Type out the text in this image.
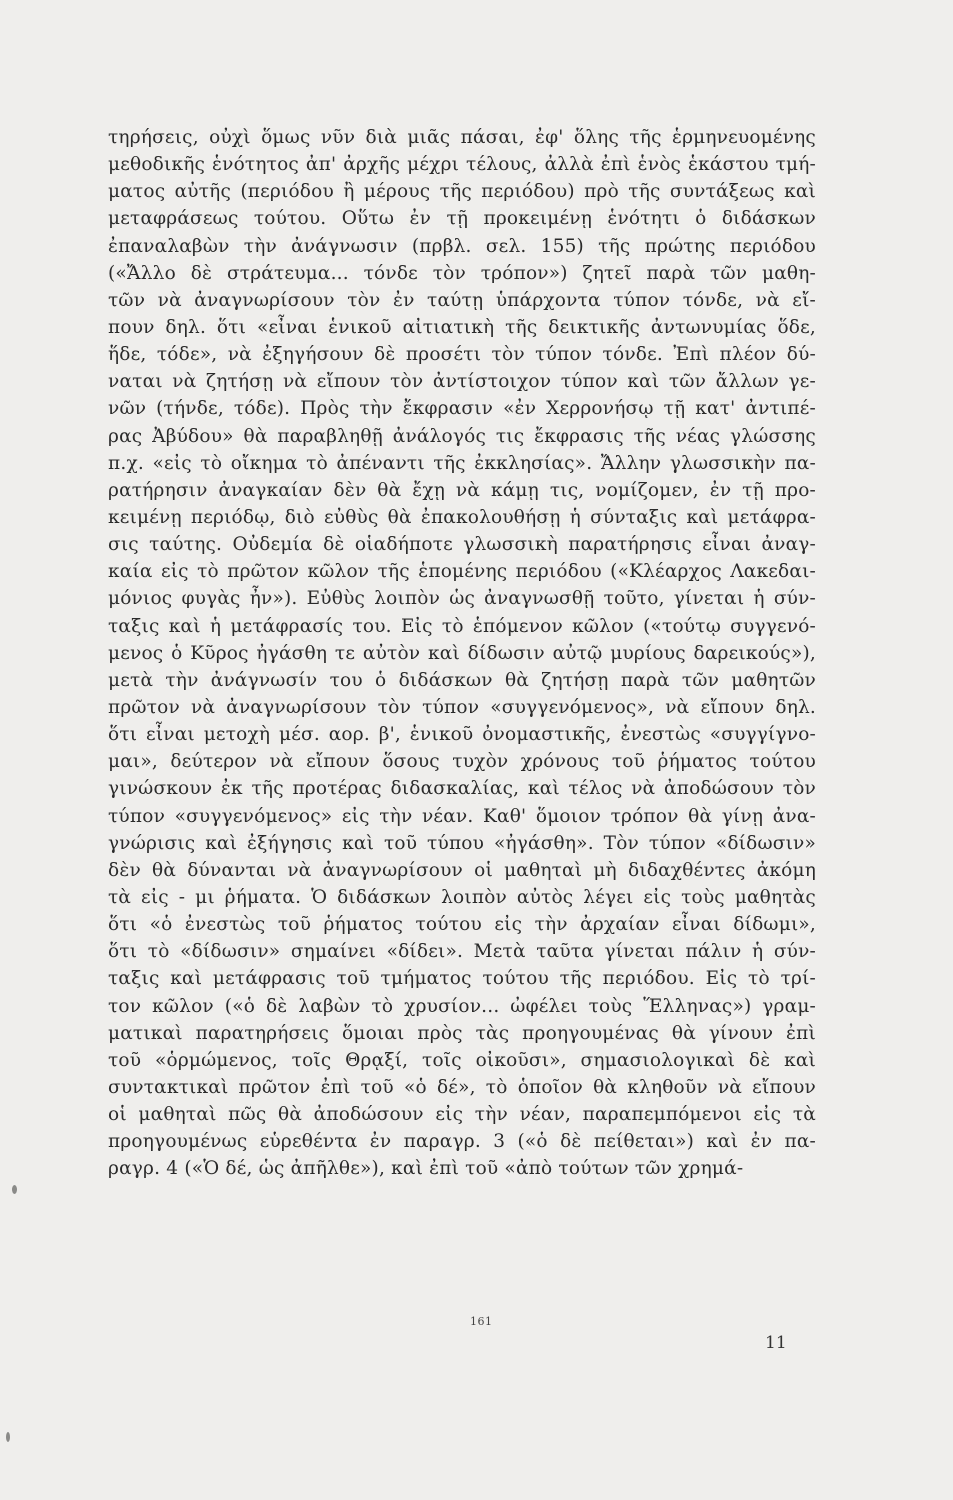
τηρήσεις, οὐχὶ ὅμως νῦν διὰ μιᾶς πάσαι, ἐφ' ὅλης τῆς ἑρμηνευομένης
μεθοδικῆς ἑνότητος ἀπ' ἀρχῆς μέχρι τέλους, ἀλλὰ ἐπὶ ἑνὸς ἑκάστου τμή-
ματος αὐτῆς (περιόδου ἢ μέρους τῆς περιόδου) πρὸ τῆς συντάξεως καὶ
μεταφράσεως τούτου. Οὕτω ἐν τῇ προκειμένῃ ἑνότητι ὁ διδάσκων
ἐπαναλαβὼν τὴν ἀνάγνωσιν (πρβλ. σελ. 155) τῆς πρώτης περιόδου
(«Ἄλλο δὲ στράτευμα... τόνδε τὸν τρόπον») ζητεῖ παρὰ τῶν μαθη-
τῶν νὰ ἀναγνωρίσουν τὸν ἐν ταύτῃ ὑπάρχοντα τύπον τόνδε, νὰ εἴ-
πουν δηλ. ὅτι «εἶναι ἑνικοῦ αἰτιατικὴ τῆς δεικτικῆς ἀντωνυμίας ὅδε,
ἥδε, τόδε», νὰ ἐξηγήσουν δὲ προσέτι τὸν τύπον τόνδε. Ἐπὶ πλέον δύ-
ναται νὰ ζητήσῃ νὰ εἴπουν τὸν ἀντίστοιχον τύπον καὶ τῶν ἄλλων γε-
νῶν (τήνδε, τόδε). Πρὸς τὴν ἔκφρασιν «ἐν Χερρονήσῳ τῇ κατ' ἀντιπέ-
ρας Ἀβύδου» θὰ παραβληθῇ ἀνάλογός τις ἔκφρασις τῆς νέας γλώσσης
π.χ. «εἰς τὸ οἴκημα τὸ ἀπέναντι τῆς ἐκκλησίας». Ἄλλην γλωσσικὴν πα-
ρατήρησιν ἀναγκαίαν δὲν θὰ ἔχῃ νὰ κάμῃ τις, νομίζομεν, ἐν τῇ προ-
κειμένῃ περιόδῳ, διὸ εὐθὺς θὰ ἐπακολουθήσῃ ἡ σύνταξις καὶ μετάφρα-
σις ταύτης. Οὐδεμία δὲ οἱαδήποτε γλωσσικὴ παρατήρησις εἶναι ἀναγ-
καία εἰς τὸ πρῶτον κῶλον τῆς ἑπομένης περιόδου («Κλέαρχος Λακεδαι-
μόνιος φυγὰς ἦν»). Εὐθὺς λοιπὸν ὡς ἀναγνωσθῇ τοῦτο, γίνεται ἡ σύν-
ταξις καὶ ἡ μετάφρασίς του. Εἰς τὸ ἑπόμενον κῶλον («τούτῳ συγγενό-
μενος ὁ Κῦρος ἠγάσθη τε αὐτὸν καὶ δίδωσιν αὐτῷ μυρίους δαρεικούς»),
μετὰ τὴν ἀνάγνωσίν του ὁ διδάσκων θὰ ζητήσῃ παρὰ τῶν μαθητῶν
πρῶτον νὰ ἀναγνωρίσουν τὸν τύπον «συγγενόμενος», νὰ εἴπουν δηλ.
ὅτι εἶναι μετοχὴ μέσ. αορ. β', ἑνικοῦ ὀνομαστικῆς, ἐνεστὼς «συγγίγνο-
μαι», δεύτερον νὰ εἴπουν ὅσους τυχὸν χρόνους τοῦ ῥήματος τούτου
γινώσκουν ἐκ τῆς προτέρας διδασκαλίας, καὶ τέλος νὰ ἀποδώσουν τὸν
τύπον «συγγενόμενος» εἰς τὴν νέαν. Καθ' ὅμοιον τρόπον θὰ γίνῃ ἀνα-
γνώρισις καὶ ἐξήγησις καὶ τοῦ τύπου «ἠγάσθη». Τὸν τύπον «δίδωσιν»
δὲν θὰ δύνανται νὰ ἀναγνωρίσουν οἱ μαθηταὶ μὴ διδαχθέντες ἀκόμη
τὰ εἰς - μι ῥήματα. Ὁ διδάσκων λοιπὸν αὐτὸς λέγει εἰς τοὺς μαθητὰς
ὅτι «ὁ ἐνεστὼς τοῦ ῥήματος τούτου εἰς τὴν ἀρχαίαν εἶναι δίδωμι»,
ὅτι τὸ «δίδωσιν» σημαίνει «δίδει». Μετὰ ταῦτα γίνεται πάλιν ἡ σύν-
ταξις καὶ μετάφρασις τοῦ τμήματος τούτου τῆς περιόδου. Εἰς τὸ τρί-
τον κῶλον («ὁ δὲ λαβὼν τὸ χρυσίον... ὠφέλει τοὺς Ἕλληνας») γραμ-
ματικαὶ παρατηρήσεις ὅμοιαι πρὸς τὰς προηγουμένας θὰ γίνουν ἐπὶ
τοῦ «ὁρμώμενος, τοῖς Θρᾳξί, τοῖς οἰκοῦσι», σημασιολογικαὶ δὲ καὶ
συντακτικαὶ πρῶτον ἐπὶ τοῦ «ὁ δέ», τὸ ὁποῖον θὰ κληθοῦν νὰ εἴπουν
οἱ μαθηταὶ πῶς θὰ ἀποδώσουν εἰς τὴν νέαν, παραπεμπόμενοι εἰς τὰ
προηγουμένως εὑρεθέντα ἐν παραγρ. 3 («ὁ δὲ πείθεται») καὶ ἐν πα-
ραγρ. 4 («Ὁ δέ, ὡς ἀπῆλθε»), καὶ ἐπὶ τοῦ «ἀπὸ τούτων τῶν χρημά-
161
11
